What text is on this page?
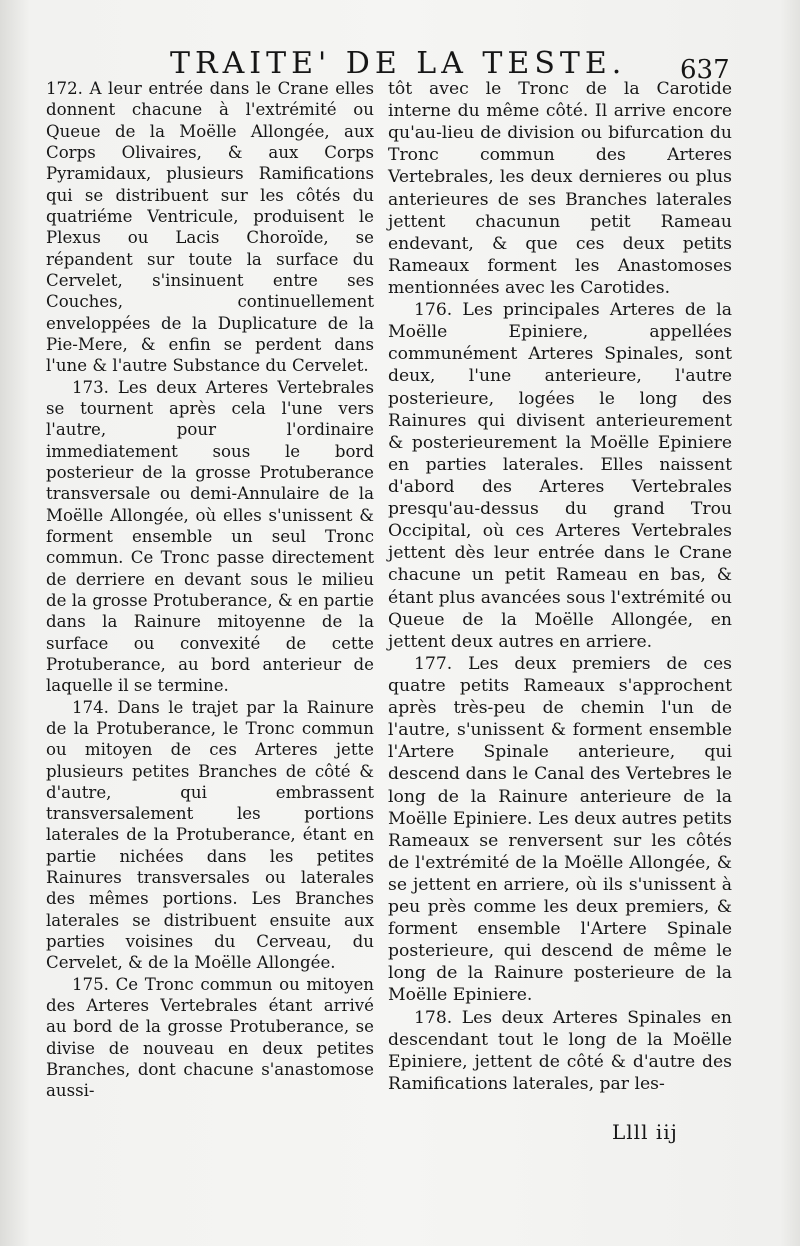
TRAITE' DE LA TESTE. 637

172. A leur entrée dans le Crane elles donnent chacune à l'extrémité ou Queue de la Moëlle Allongée, aux Corps Olivaires, & aux Corps Pyramidaux, plusieurs Ramifications qui se distribuent sur les côtés du quatriéme Ventricule, produisent le Plexus ou Lacis Choroïde, se répandent sur toute la surface du Cervelet, s'insinuent entre ses Couches, continuellement enveloppées de la Duplicature de la Pie-Mere, & enfin se perdent dans l'une & l'autre Substance du Cervelet.

173. Les deux Arteres Vertebrales se tournent après cela l'une vers l'autre, pour l'ordinaire immediatement sous le bord posterieur de la grosse Protuberance transversale ou demi-Annulaire de la Moëlle Allongée, où elles s'unissent & forment ensemble un seul Tronc commun. Ce Tronc passe directement de derriere en devant sous le milieu de la grosse Protuberance, & en partie dans la Rainure mitoyenne de la surface ou convexité de cette Protuberance, au bord anterieur de laquelle il se termine.

174. Dans le trajet par la Rainure de la Protuberance, le Tronc commun ou mitoyen de ces Arteres jette plusieurs petites Branches de côté & d'autre, qui embrassent transversalement les portions laterales de la Protuberance, étant en partie nichées dans les petites Rainures transversales ou laterales des mêmes portions. Les Branches laterales se distribuent ensuite aux parties voisines du Cerveau, du Cervelet, & de la Moëlle Allongée.

175. Ce Tronc commun ou mitoyen des Arteres Vertebrales étant arrivé au bord de la grosse Protuberance, se divise de nouveau en deux petites Branches, dont chacune s'anastomose aussi-

tôt avec le Tronc de la Carotide interne du même côté. Il arrive encore qu'au-lieu de division ou bifurcation du Tronc commun des Arteres Vertebrales, les deux dernieres ou plus anterieures de ses Branches laterales jettent chacunun petit Rameau endevant, & que ces deux petits Rameaux forment les Anastomoses mentionnées avec les Carotides.

176. Les principales Arteres de la Moëlle Epiniere, appellées communément Arteres Spinales, sont deux, l'une anterieure, l'autre posterieure, logées le long des Rainures qui divisent anterieurement & posterieurement la Moëlle Epiniere en parties laterales. Elles naissent d'abord des Arteres Vertebrales presqu'au-dessus du grand Trou Occipital, où ces Arteres Vertebrales jettent dès leur entrée dans le Crane chacune un petit Rameau en bas, & étant plus avancées sous l'extrémité ou Queue de la Moëlle Allongée, en jettent deux autres en arriere.

177. Les deux premiers de ces quatre petits Rameaux s'approchent après très-peu de chemin l'un de l'autre, s'unissent & forment ensemble l'Artere Spinale anterieure, qui descend dans le Canal des Vertebres le long de la Rainure anterieure de la Moëlle Epiniere. Les deux autres petits Rameaux se renversent sur les côtés de l'extrémité de la Moëlle Allongée, & se jettent en arriere, où ils s'unissent à peu près comme les deux premiers, & forment ensemble l'Artere Spinale posterieure, qui descend de même le long de la Rainure posterieure de la Moëlle Epiniere.

178. Les deux Arteres Spinales en descendant tout le long de la Moëlle Epiniere, jettent de côté & d'autre des Ramifications laterales, par les-

Llll iij
